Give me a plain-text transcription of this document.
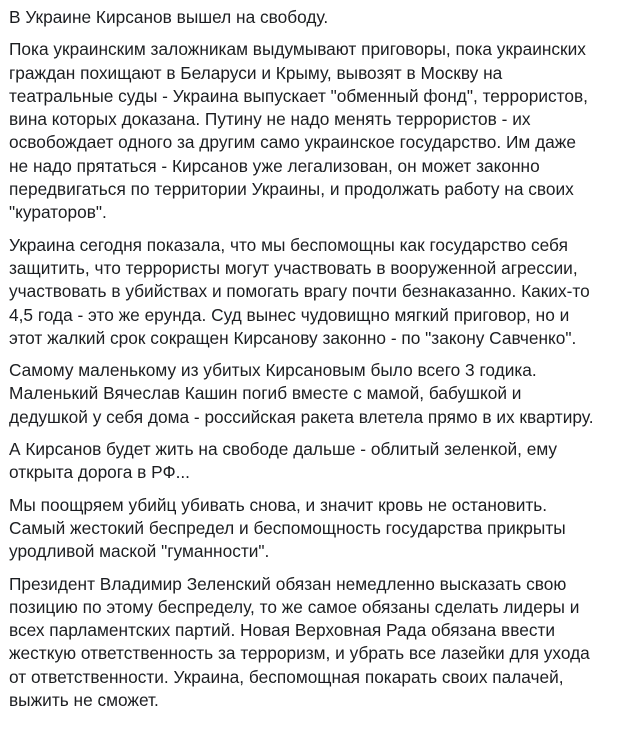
В Украине Кирсанов вышел на свободу.

Пока украинским заложникам выдумывают приговоры, пока украинских
граждан похищают в Беларуси и Крыму, вывозят в Москву на
театральные суды - Украина выпускает "обменный фонд", террористов,
вина которых доказана. Путину не надо менять террористов - их
освобождает одного за другим само украинское государство. Им даже
не надо прятаться - Кирсанов уже легализован, он может законно
передвигаться по территории Украины, и продолжать работу на своих
"кураторов".

Украина сегодня показала, что мы беспомощны как государство себя
защитить, что террористы могут участвовать в вооруженной агрессии,
участвовать в убийствах и помогать врагу почти безнаказанно. Каких-то
4,5 года - это же ерунда. Суд вынес чудовищно мягкий приговор, но и
этот жалкий срок сокращен Кирсанову законно - по "закону Савченко".

Самому маленькому из убитых Кирсановым было всего 3 годика.
Маленький Вячеслав Кашин погиб вместе с мамой, бабушкой и
дедушкой у себя дома - российская ракета влетела прямо в их квартиру.

А Кирсанов будет жить на свободе дальше - облитый зеленкой, ему
открыта дорога в РФ...

Мы поощряем убийц убивать снова, и значит кровь не остановить.
Самый жестокий беспредел и беспомощность государства прикрыты
уродливой маской "гуманности".

Президент Владимир Зеленский обязан немедленно высказать свою
позицию по этому беспределу, то же самое обязаны сделать лидеры и
всех парламентских партий. Новая Верховная Рада обязана ввести
жесткую ответственность за терроризм, и убрать все лазейки для ухода
от ответственности. Украина, беспомощная покарать своих палачей,
выжить не сможет.
